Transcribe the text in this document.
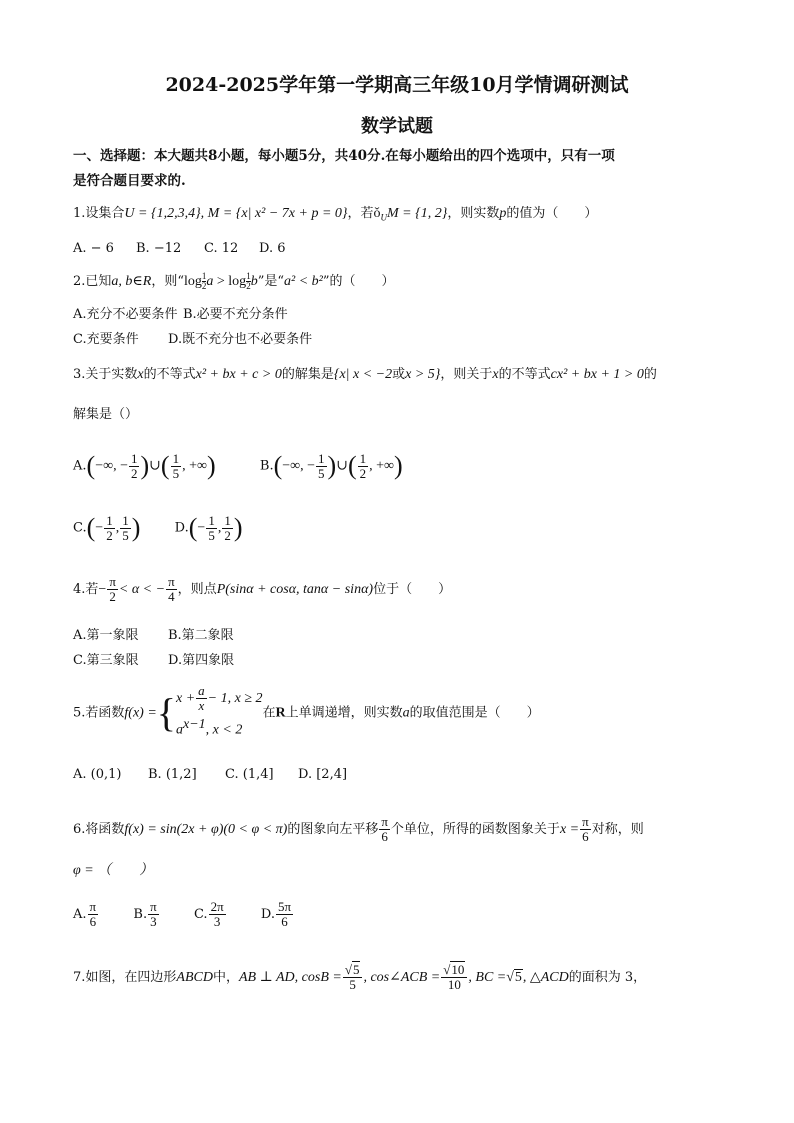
2024-2025学年第一学期高三年级10月学情调研测试
数学试题
一、选择题：本大题共8小题，每小题5分，共40分.在每小题给出的四个选项中，只有一项
是符合题目要求的.
1.设集合U = {1,2,3,4}, M = {x| x² − 7x + p = 0}，若$ǒ_UM = \{1$, 2}，则实数p的值为（　　）
A. − 6 B. −12 C. 12 D. 6
2.已知a, b∈R，则“$\log \frac{1}{2}$ $a > \log \frac{1}{2} b$”是“a² < b²”的（　　）
A.充分不必要条件 B.必要不充分条件
C.充要条件 D.既不充分也不必要条件
3.关于实数x的不等式x² + bx + c > 0的解集是{x| x < −2或x > 5}，则关于x的不等式cx² + bx + 1 > 0的
解集是（）
A.(−∞, − $\frac{1}{2}$ )∪( $\frac{1}{5}$ , +∞)	B.(−∞, − $\frac{1}{5}$ )∪( $\frac{1}{2}$ , +∞)
$C.(- \frac{1}{2}$ , $\frac{1}{5}$ )	$D.(- \frac{1}{5}$ , $\frac{1}{2}$ )
4.若− $\frac{\pi}{2} < \alpha$ < − $\frac{\pi}{4}$ ，则点P(sinα + cosα, tanα − sinα)位于（　　）
A.第一象限 B.第二象限
C.第三象限 D.第四象限
5.若函数f(x) ={ $x + \frac{a}{x} - 1$, x ≥ 2
$a^{x-1}$, x < 2
在R上单调递增，则实数a的取值范围是（　　）
A. (0,1) B. (1,2] C. (1,4] D. [2,4]
6.将函数f(x) = sin(2x + φ)(0 < φ < π)的图象向左平移 $\frac{\pi}{6}$ 个单位，所得的函数图象关于$x = \frac{\pi}{6}$ 对称，则
φ = （　　）
A. $\frac{\pi}{6}$	B. $\frac{\pi}{3}$	C. $\frac{2\pi}{3}$	D. $\frac{5\pi}{6}$
7.如图，在四边形ABCD中，AB ⊥ AD, $\cos B = \frac{√5}{5}$ , cos∠ACB = $\frac{√10}{10}$ , BC =√5, △ACD的面积为 3，
